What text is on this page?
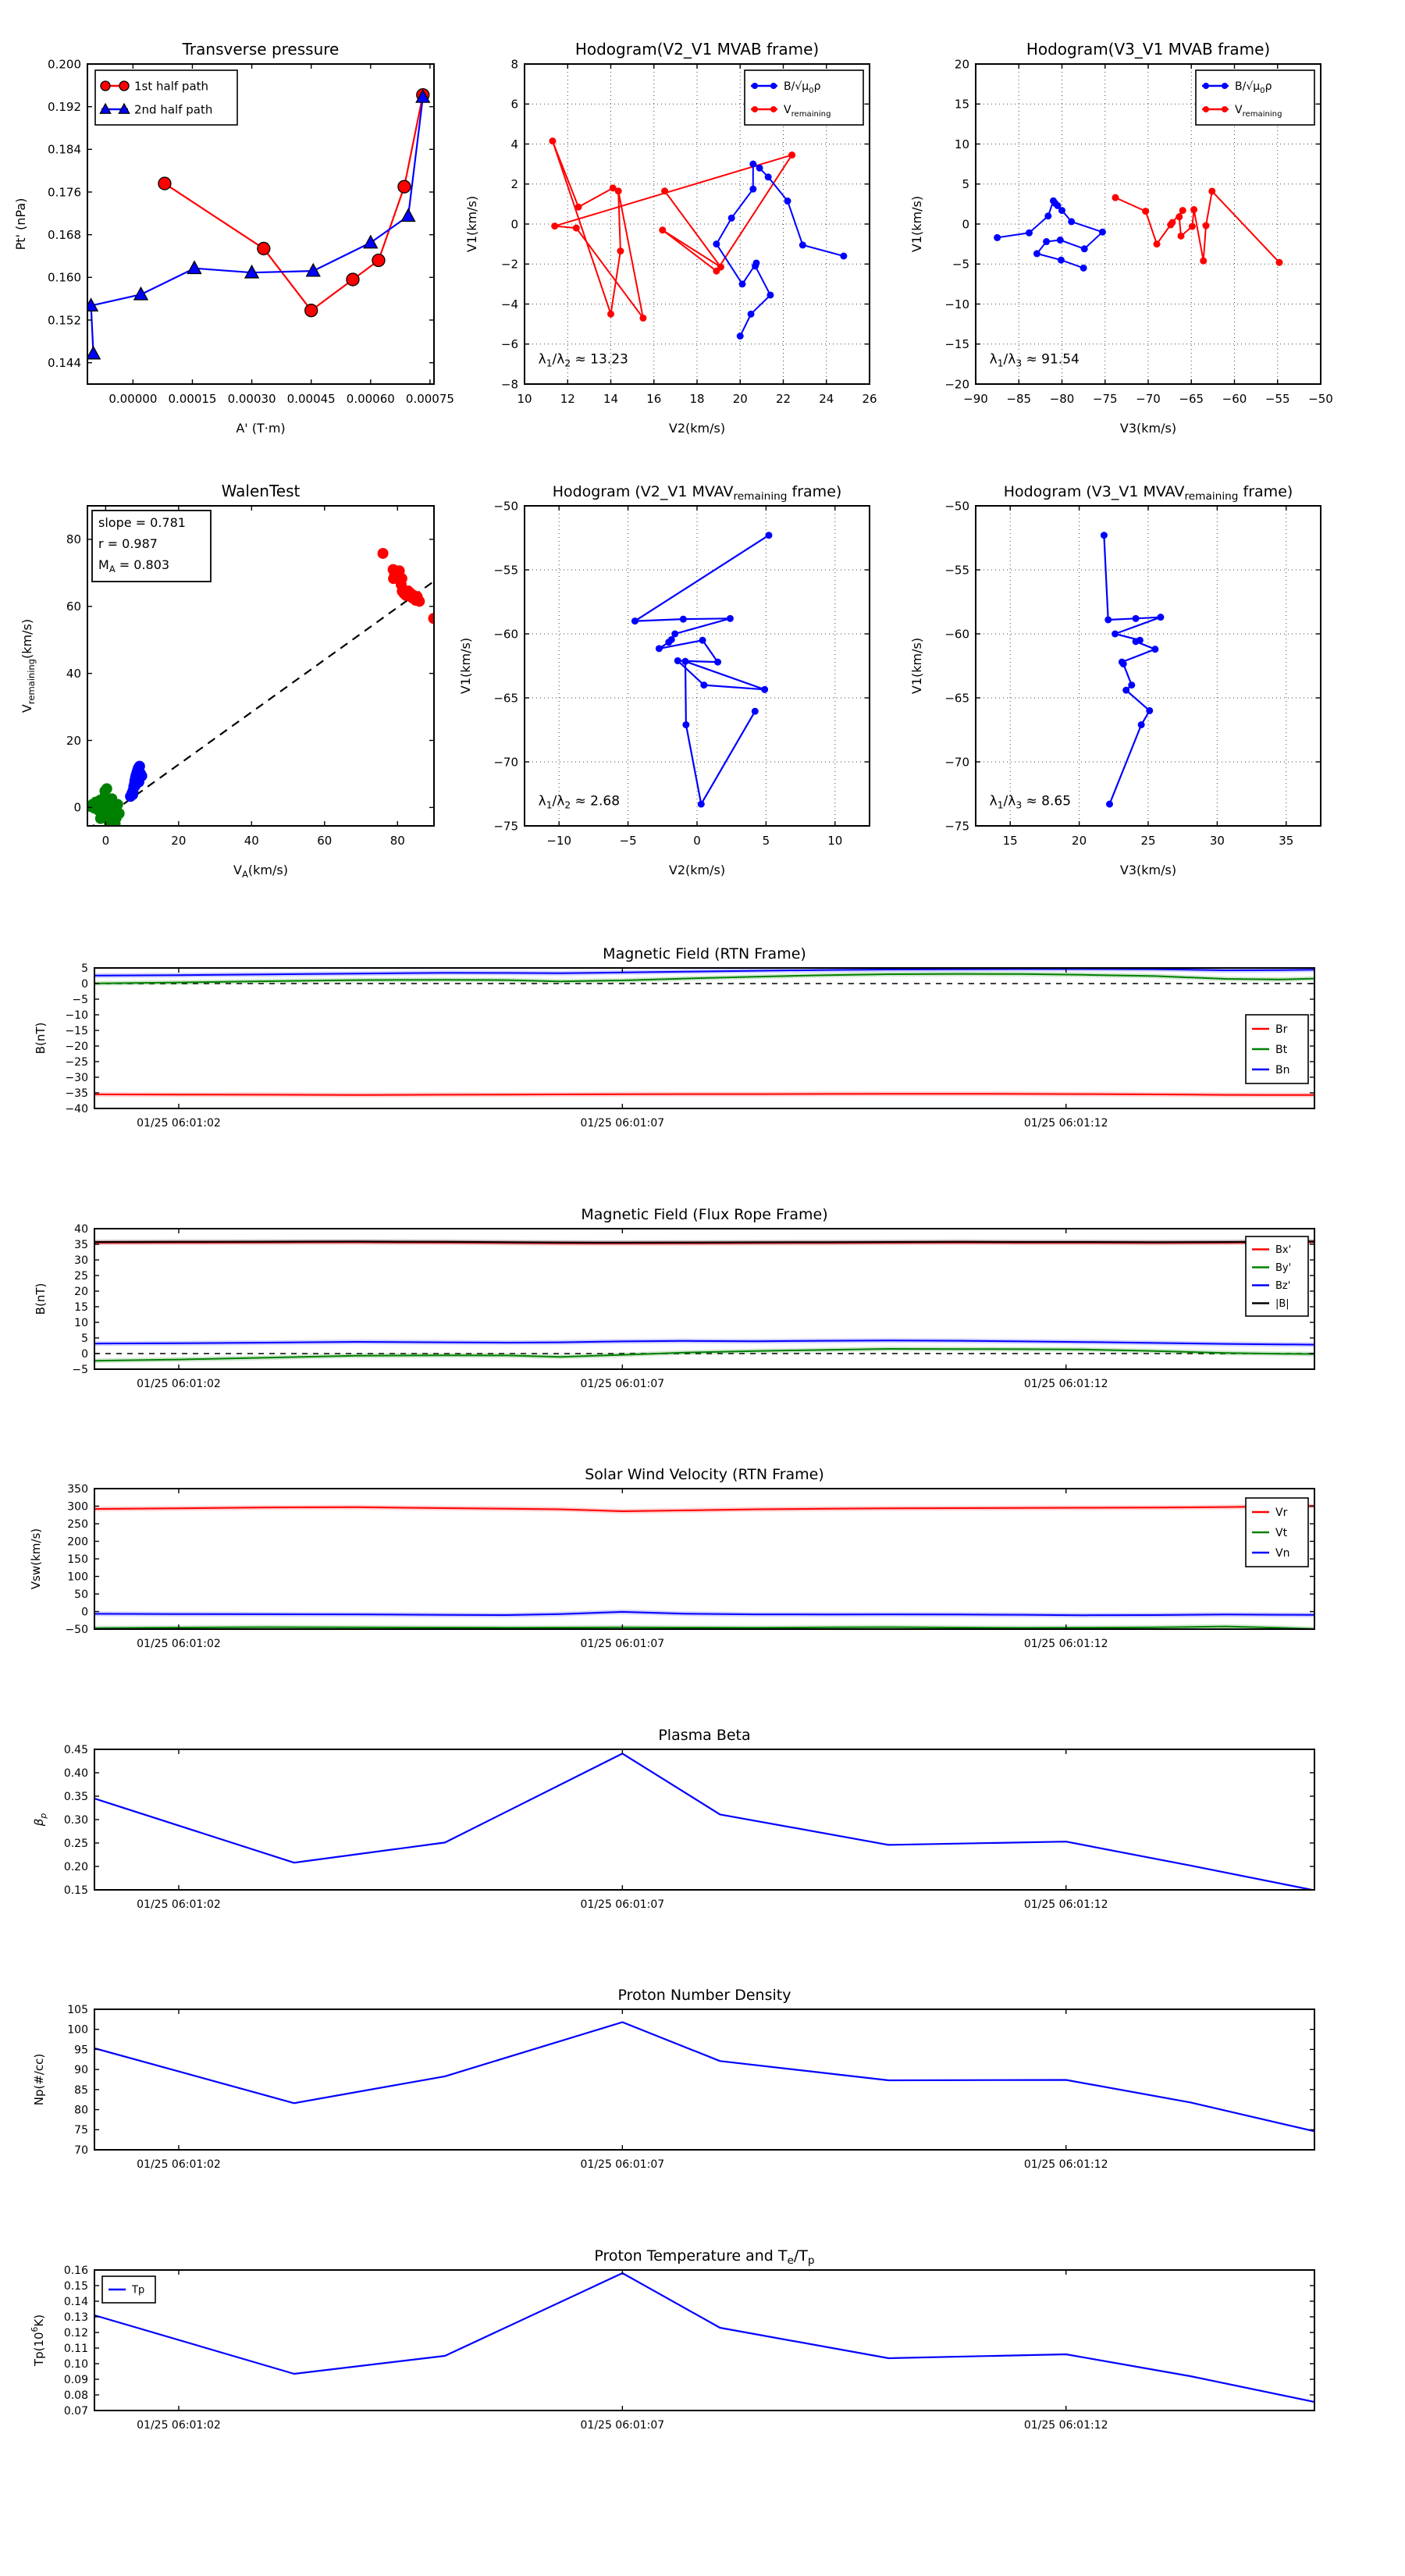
0.00000 0.00015 0.00030 0.00045 0.00060 0.00075
0.200
0.192
0.184
0.176
0.168
0.160
0.152
0.144
Transverse pressure
A' (T·m)
Pt' (nPa)
1st half path
2nd half path
10 12 14 16 18 20 22 24 26
8
6
4
2
0
−2
−4
−6
−8
Hodogram(V2_V1 MVAB frame)
V2(km/s)
V1(km/s)
$B/√\mu_0\rho$
$V_{remaining}$
$\lambda_1/\lambda_2 \approx 13.23$
−90 −85 −80 −75 −70 −65 −60 −55 −50
20
15
10
5
0
−5
−10
−15
−20
Hodogram(V3_V1 MVAB frame)
V3(km/s)
V1(km/s)
$B/√\mu_0\rho$
$V_{remaining}$
$\lambda_1/\lambda_3 \approx 91.54$
0	20	40	60	80
80
60
40
20
0
WalenTest
$V_A(km/s)$
$V_{remaining}(km/s)$
slope = 0.781
r = 0.987
$M_A = 0.803$
−10	−5	0	5	10
−50
−55
−60
−65
−70
−75
Hodogram (V2_V1 $MVAV_{remaining}$ frame)
V2(km/s)
V1(km/s)
$\lambda_1/\lambda_2 \approx 2.68$
15	20	25	30	35
−50
−55
−60
−65
−70
−75
Hodogram (V3_V1 $MVAV_{remaining}$ frame)
V3(km/s)
V1(km/s)
$\lambda_1/\lambda_3 \approx 8.65$
01/25 06:01:02	01/25 06:01:07	01/25 06:01:12
5
0
−5
−10
−15
−20
−25
−30
−35
−40
Magnetic Field (RTN Frame)
B(nT)	Br
Bt
Bn
01/25 06:01:02	01/25 06:01:07	01/25 06:01:12
40
35
30
25
20
15
10
5
0
−5
Magnetic Field (Flux Rope Frame)
B(nT)
Bx'
By'
Bz'
|B|
01/25 06:01:02	01/25 06:01:07	01/25 06:01:12
350
300
250
200
150
100
50
0
−50
Solar Wind Velocity (RTN Frame)
Vsw(km/s)
Vr
Vt
Vn
01/25 06:01:02	01/25 06:01:07	01/25 06:01:12
0.45
0.40
0.35
0.30
0.25
0.20
0.15
Plasma Beta
$\beta_p$
01/25 06:01:02	01/25 06:01:07	01/25 06:01:12
105
100
95
90
85
80
75
70
Proton Number Density
Np(#/cc)
01/25 06:01:02	01/25 06:01:07	01/25 06:01:12
0.16
0.15
0.14
0.13
0.12
0.11
0.10
0.09
0.08
0.07
Proton Temperature and $T_e/T_p$
$Tp(10^6K)$
Tp
